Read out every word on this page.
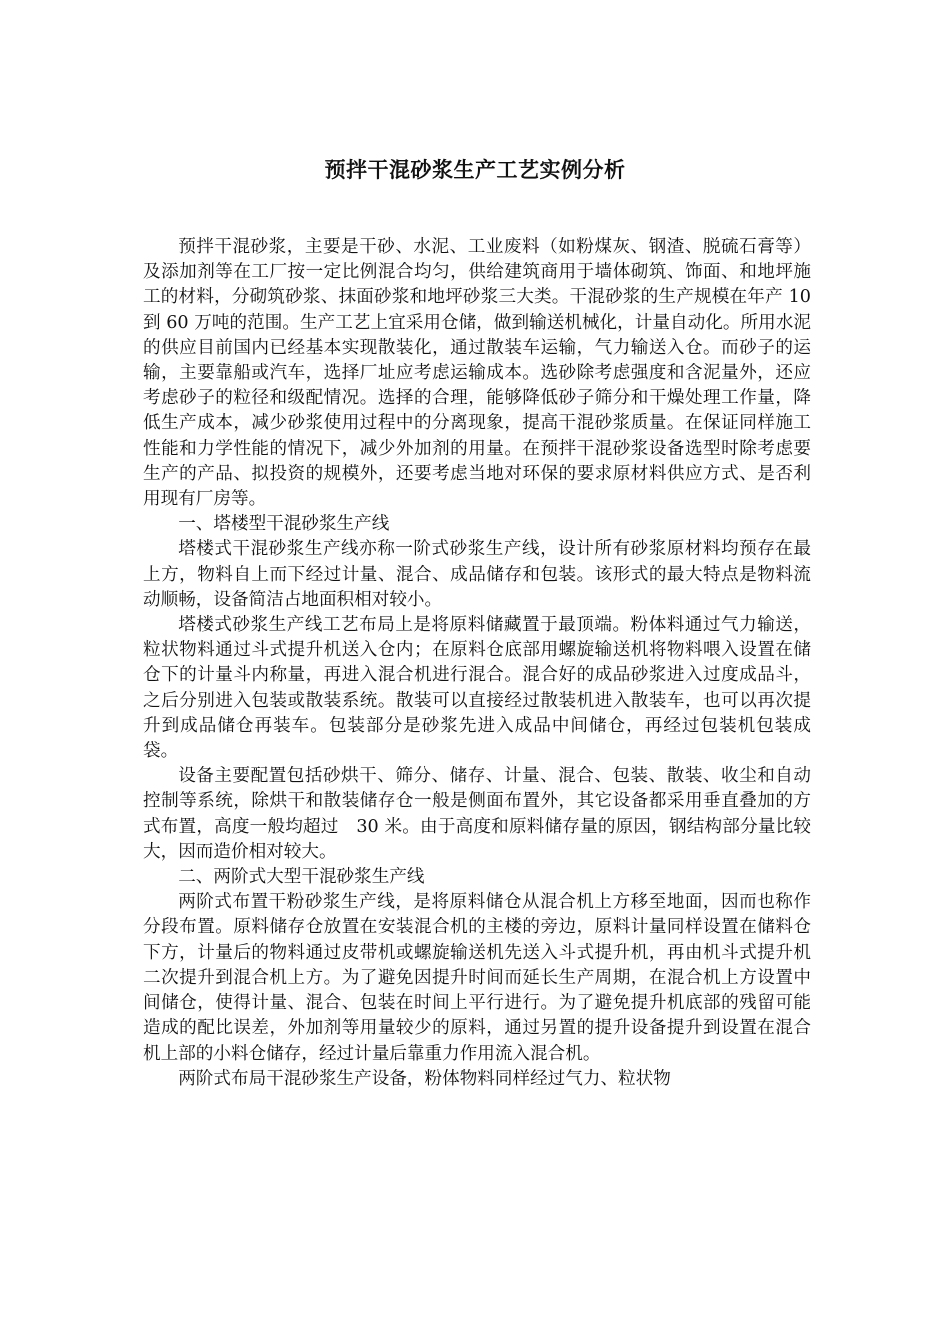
预拌干混砂浆生产工艺实例分析

预拌干混砂浆，主要是干砂、水泥、工业废料（如粉煤灰、钢渣、脱硫石膏等）及添加剂等在工厂按一定比例混合均匀，供给建筑商用于墙体砌筑、饰面、和地坪施工的材料，分砌筑砂浆、抹面砂浆和地坪砂浆三大类。干混砂浆的生产规模在年产 10 到 60 万吨的范围。生产工艺上宜采用仓储，做到输送机械化，计量自动化。所用水泥的供应目前国内已经基本实现散装化，通过散装车运输，气力输送入仓。而砂子的运输，主要靠船或汽车，选择厂址应考虑运输成本。选砂除考虑强度和含泥量外，还应考虑砂子的粒径和级配情况。选择的合理，能够降低砂子筛分和干燥处理工作量，降低生产成本，减少砂浆使用过程中的分离现象，提高干混砂浆质量。在保证同样施工性能和力学性能的情况下，减少外加剂的用量。在预拌干混砂浆设备选型时除考虑要生产的产品、拟投资的规模外，还要考虑当地对环保的要求原材料供应方式、是否利用现有厂房等。

一、塔楼型干混砂浆生产线

塔楼式干混砂浆生产线亦称一阶式砂浆生产线，设计所有砂浆原材料均预存在最上方，物料自上而下经过计量、混合、成品储存和包装。该形式的最大特点是物料流动顺畅，设备简洁占地面积相对较小。

塔楼式砂浆生产线工艺布局上是将原料储藏置于最顶端。粉体料通过气力输送，粒状物料通过斗式提升机送入仓内；在原料仓底部用螺旋输送机将物料喂入设置在储仓下的计量斗内称量，再进入混合机进行混合。混合好的成品砂浆进入过度成品斗，之后分别进入包装或散装系统。散装可以直接经过散装机进入散装车，也可以再次提升到成品储仓再装车。包装部分是砂浆先进入成品中间储仓，再经过包装机包装成袋。

设备主要配置包括砂烘干、筛分、储存、计量、混合、包装、散装、收尘和自动控制等系统，除烘干和散装储存仓一般是侧面布置外，其它设备都采用垂直叠加的方式布置，高度一般均超过　30 米。由于高度和原料储存量的原因，钢结构部分量比较大，因而造价相对较大。

二、两阶式大型干混砂浆生产线

两阶式布置干粉砂浆生产线，是将原料储仓从混合机上方移至地面，因而也称作分段布置。原料储存仓放置在安装混合机的主楼的旁边，原料计量同样设置在储料仓下方，计量后的物料通过皮带机或螺旋输送机先送入斗式提升机，再由机斗式提升机二次提升到混合机上方。为了避免因提升时间而延长生产周期，在混合机上方设置中间储仓，使得计量、混合、包装在时间上平行进行。为了避免提升机底部的残留可能造成的配比误差，外加剂等用量较少的原料，通过另置的提升设备提升到设置在混合机上部的小料仓储存，经过计量后靠重力作用流入混合机。

两阶式布局干混砂浆生产设备，粉体物料同样经过气力、粒状物
